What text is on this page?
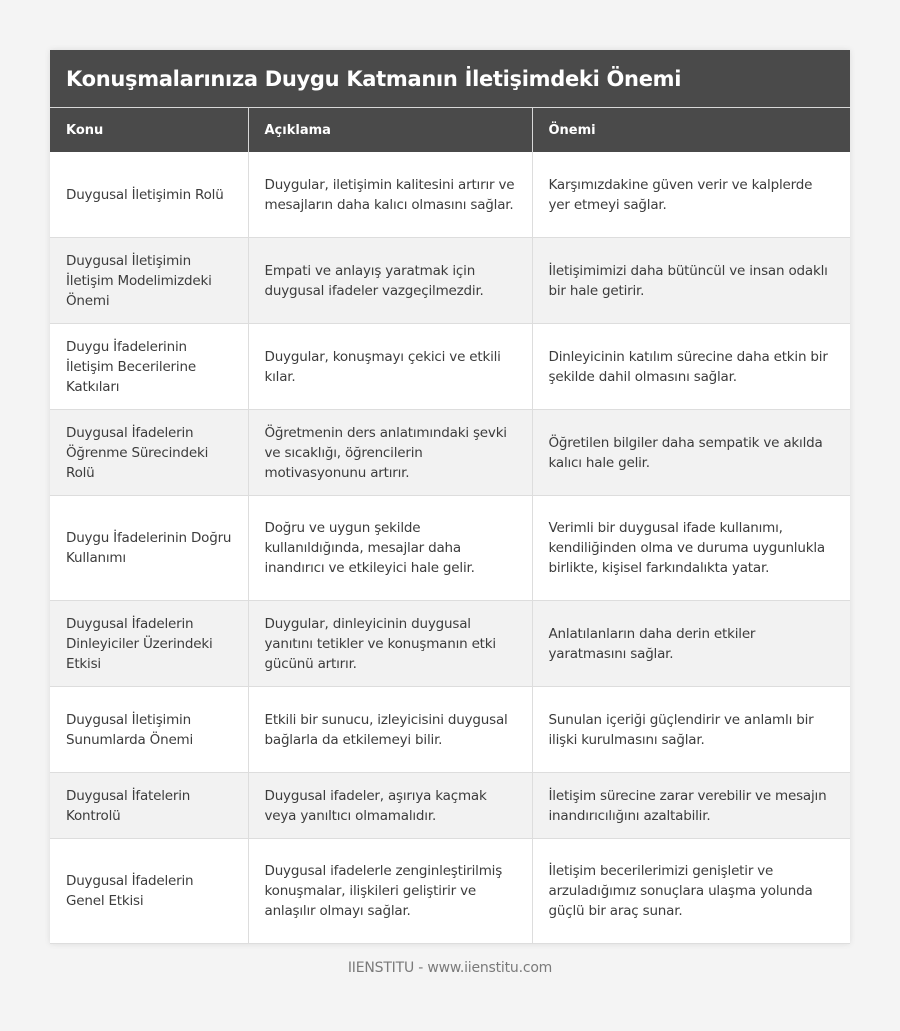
Konuşmalarınıza Duygu Katmanın İletişimdeki Önemi
Konu	Açıklama	Önemi
Duygusal İletişimin Rolü	Duygular, iletişimin kalitesini artırır ve mesajların daha kalıcı olmasını sağlar.	Karşımızdakine güven verir ve kalplerde yer etmeyi sağlar.
Duygusal İletişimin İletişim Modelimizdeki Önemi	Empati ve anlayış yaratmak için duygusal ifadeler vazgeçilmezdir.	İletişimimizi daha bütüncül ve insan odaklı bir hale getirir.
Duygu İfadelerinin İletişim Becerilerine Katkıları	Duygular, konuşmayı çekici ve etkili kılar.	Dinleyicinin katılım sürecine daha etkin bir şekilde dahil olmasını sağlar.
Duygusal İfadelerin Öğrenme Sürecindeki Rolü	Öğretmenin ders anlatımındaki şevki ve sıcaklığı, öğrencilerin motivasyonunu artırır.	Öğretilen bilgiler daha sempatik ve akılda kalıcı hale gelir.
Duygu İfadelerinin Doğru Kullanımı	Doğru ve uygun şekilde kullanıldığında, mesajlar daha inandırıcı ve etkileyici hale gelir.	Verimli bir duygusal ifade kullanımı, kendiliğinden olma ve duruma uygunlukla birlikte, kişisel farkındalıkta yatar.
Duygusal İfadelerin Dinleyiciler Üzerindeki Etkisi	Duygular, dinleyicinin duygusal yanıtını tetikler ve konuşmanın etki gücünü artırır.	Anlatılanların daha derin etkiler yaratmasını sağlar.
Duygusal İletişimin Sunumlarda Önemi	Etkili bir sunucu, izleyicisini duygusal bağlarla da etkilemeyi bilir.	Sunulan içeriği güçlendirir ve anlamlı bir ilişki kurulmasını sağlar.
Duygusal İfatelerin Kontrolü	Duygusal ifadeler, aşırıya kaçmak veya yanıltıcı olmamalıdır.	İletişim sürecine zarar verebilir ve mesajın inandırıcılığını azaltabilir.
Duygusal İfadelerin Genel Etkisi	Duygusal ifadelerle zenginleştirilmiş konuşmalar, ilişkileri geliştirir ve anlaşılır olmayı sağlar.	İletişim becerilerimizi genişletir ve arzuladığımız sonuçlara ulaşma yolunda güçlü bir araç sunar.
IIENSTITU - www.iienstitu.com
